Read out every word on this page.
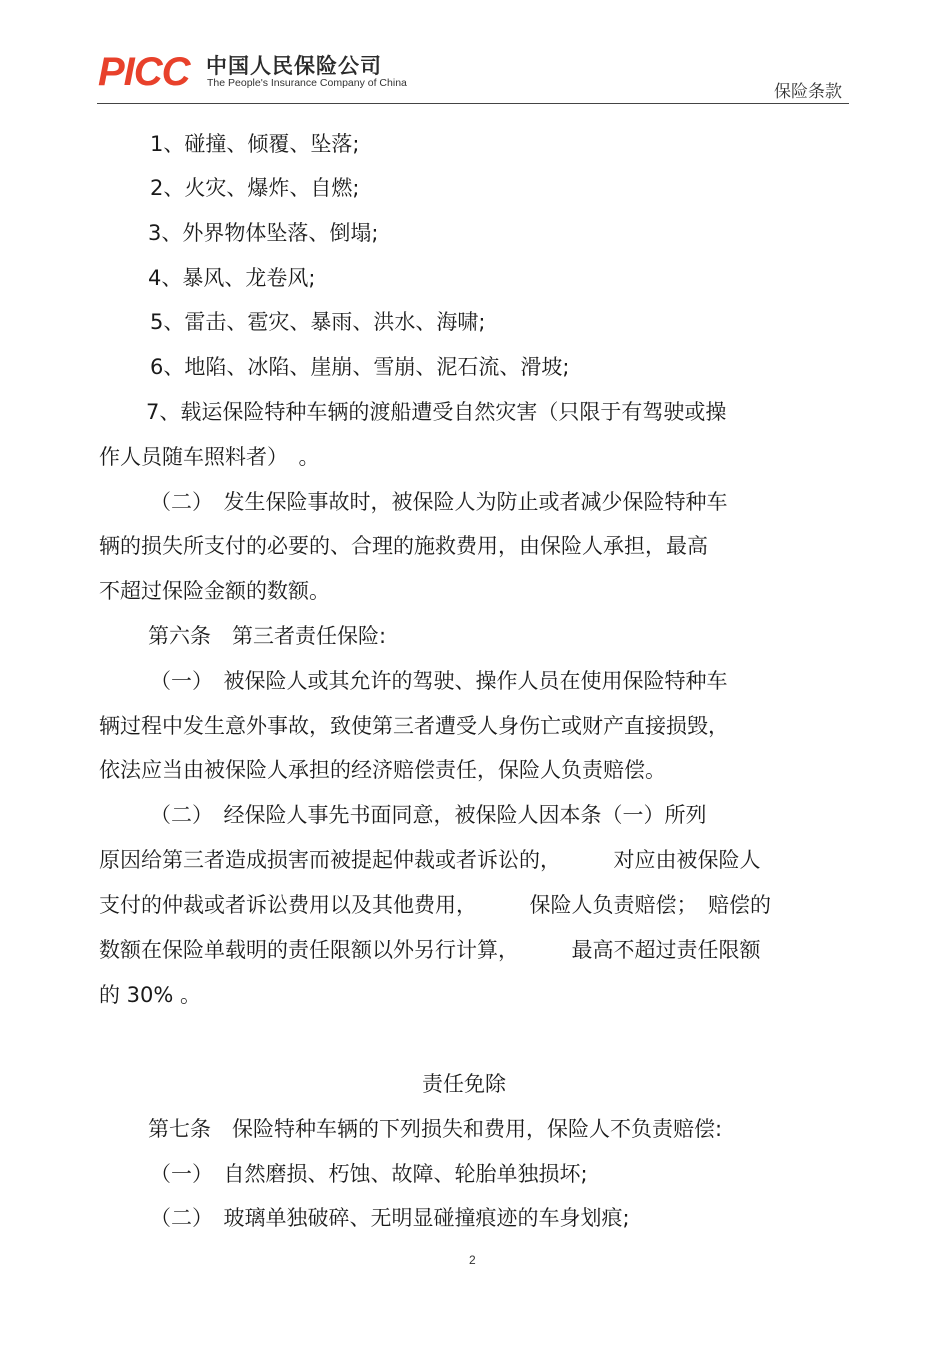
PICC 中国人民保险公司
The People's Insurance Company of China	保险条款
1、碰撞、倾覆、坠落;
2、火灾、爆炸、自燃;
3、外界物体坠落、倒塌;
4、暴风、龙卷风;
5、雷击、雹灾、暴雨、洪水、海啸;
6、地陷、冰陷、崖崩、雪崩、泥石流、滑坡;
7、载运保险特种车辆的渡船遭受自然灾害（只限于有驾驶或操
作人员随车照料者）　。
（二）　发生保险事故时，被保险人为防止或者减少保险特种车
辆的损失所支付的必要的、合理的施救费用，由保险人承担，最高
不超过保险金额的数额。
第六条　第三者责任保险:
（一）　被保险人或其允许的驾驶、操作人员在使用保险特种车
辆过程中发生意外事故，致使第三者遭受人身伤亡或财产直接损毁，
依法应当由被保险人承担的经济赔偿责任，保险人负责赔偿。
（二）　经保险人事先书面同意，被保险人因本条（一）所列
原因给第三者造成损害而被提起仲裁或者诉讼的，　　　对应由被保险人
支付的仲裁或者诉讼费用以及其他费用，　　　保险人负责赔偿；　赔偿的
数额在保险单载明的责任限额以外另行计算，　　　最高不超过责任限额
的 30% 。
责任免除
第七条　保险特种车辆的下列损失和费用，保险人不负责赔偿:
（一）　自然磨损、朽蚀、故障、轮胎单独损坏;
（二）　玻璃单独破碎、无明显碰撞痕迹的车身划痕;
2
